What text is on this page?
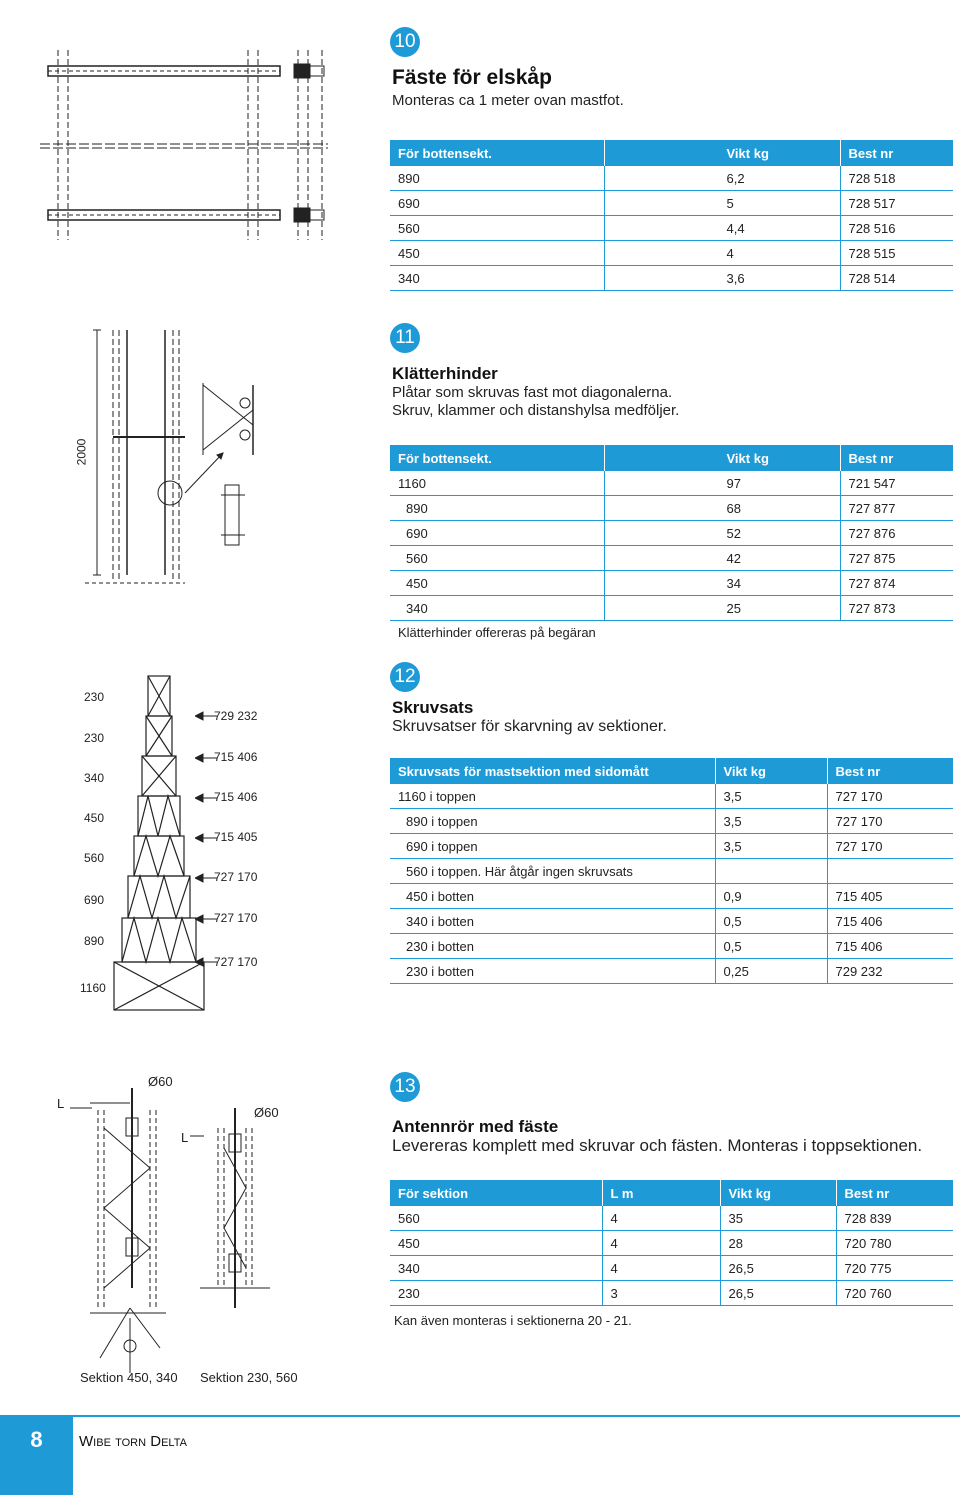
10
Fäste för elskåp
Monteras ca 1 meter ovan mastfot.
För bottensekt.	Vikt kg	Best nr
890	6,2	728 518
690	5	728 517
560	4,4	728 516
450	4	728 515
340	3,6	728 514
2000
11
Klätterhinder
Plåtar som skruvas fast mot diagonalerna.
Skruv, klammer och distanshylsa medföljer.
För bottensekt.	Vikt kg	Best nr
1160	97	721 547
890	68	727 877
690	52	727 876
560	42	727 875
450	34	727 874
340	25	727 873
Klätterhinder offereras på begäran
230
230
340
450
560
690
890
1160
729 232
715 406
715 406
715 405
727 170
727 170
727 170
12
Skruvsats
Skruvsatser för skarvning av sektioner.
Skruvsats för mastsektion med sidomått	Vikt kg	Best nr
1160 i toppen	3,5	727 170
890 i toppen	3,5	727 170
690 i toppen	3,5	727 170
560 i toppen. Här åtgår ingen skruvsats		
450 i botten	0,9	715 405
340 i botten	0,5	715 406
230 i botten	0,5	715 406
230 i botten	0,25	729 232
L
Ø60
L
Ø60
Sektion 450, 340 Sektion 230, 560
13
Antennrör med fäste
Levereras komplett med skruvar och fästen. Monteras i toppsektionen.
För sektion	L m	Vikt kg	Best nr
560	4	35	728 839
450	4	28	720 780
340	4	26,5	720 775
230	3	26,5	720 760
Kan även monteras i sektionerna 20 - 21.
8	Wibe torn Delta
